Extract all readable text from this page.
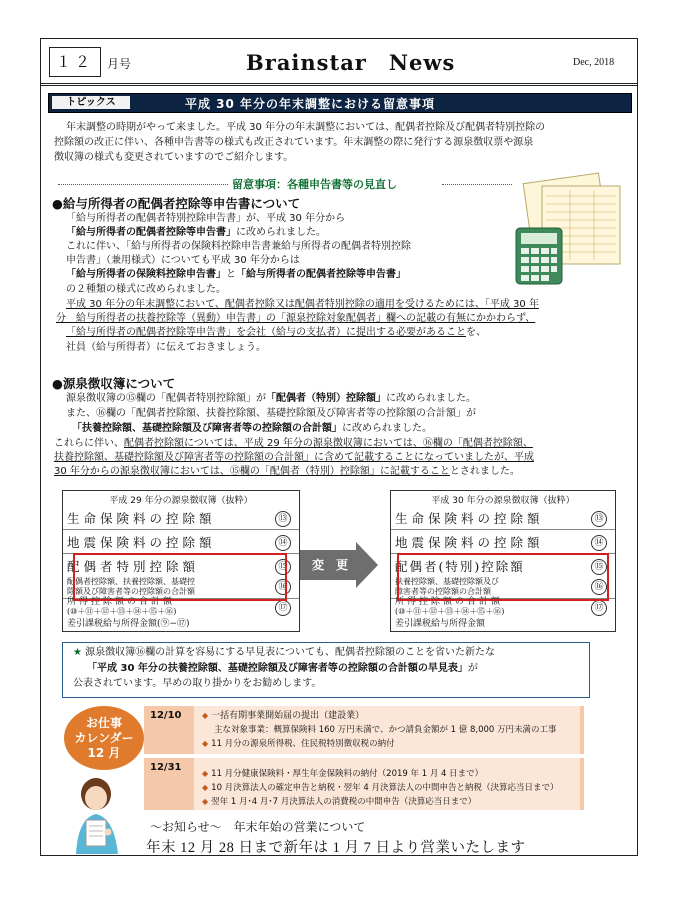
１２	月号	Brainstar　News	Dec, 2018
トピックス	平成 30 年分の年末調整における留意事項
年末調整の時期がやって来ました。平成 30 年分の年末調整においては、配偶者控除及び配偶者特別控除の
控除額の改正に伴い、各種申告書等の様式も改正されています。年末調整の際に発行する源泉徴収票や源泉
徴収簿の様式も変更されていますのでご紹介します。
留意事項：各種申告書等の見直し
●給与所得者の配偶者控除等申告書について
「給与所得者の配偶者特別控除申告書」が、平成 30 年分から
「給与所得者の配偶者控除等申告書」に改められました。
これに伴い、「給与所得者の保険料控除申告書兼給与所得者の配偶者特別控除
申告書」（兼用様式）についても平成 30 年分からは
「給与所得者の保険料控除申告書」と「給与所得者の配偶者控除等申告書」
の２種類の様式に改められました。
平成 30 年分の年末調整において、配偶者控除又は配偶者特別控除の適用を受けるためには、「平成 30 年
分　給与所得者の扶養控除等（異動）申告書」の「源泉控除対象配偶者」欄への記載の有無にかかわらず、
「給与所得者の配偶者控除等申告書」を会社（給与の支払者）に提出する必要があることを、
社員（給与所得者）に伝えておきましょう。
●源泉徴収簿について
源泉徴収簿の⑮欄の「配偶者特別控除額」が「配偶者（特別）控除額」に改められました。
また、⑯欄の「配偶者控除額、扶養控除額、基礎控除額及び障害者等の控除額の合計額」が
「扶養控除額、基礎控除額及び障害者等の控除額の合計額」に改められました。
これらに伴い、配偶者控除額については、平成 29 年分の源泉徴収簿においては、⑯欄の「配偶者控除額、
扶養控除額、基礎控除額及び障害者等の控除額の合計額」に含めて記載することになっていましたが、平成
30 年分からの源泉徴収簿においては、⑮欄の「配偶者（特別）控除額」に記載することとされました。
平成 29 年分の源泉徴収簿（抜粋）
生命保険料の控除額	⑬
地震保険料の控除額	⑭
配偶者特別控除額	⑮
配偶者控除額、扶養控除額、基礎控
除額及び障害者等の控除額の合計額	⑯
所得控除額の合計額
(⑩＋⑪＋⑫＋⑬＋⑭＋⑮＋⑯)	⑰
差引課税給与所得金額(⑨−⑰)
変　更
平成 30 年分の源泉徴収簿（抜粋）
生命保険料の控除額	⑬
地震保険料の控除額	⑭
配偶者(特別)控除額	⑮
扶養控除額、基礎控除額及び
障害者等の控除額の合計額	⑯
所得控除額の合計額
(⑩＋⑪＋⑫＋⑬＋⑭＋⑮＋⑯)	⑰
差引課税給与所得金額
★ 源泉徴収簿⑯欄の計算を容易にする早見表についても、配偶者控除額のことを省いた新たな
「平成 30 年分の扶養控除額、基礎控除額及び障害者等の控除額の合計額の早見表」が
公表されています。早めの取り掛かりをお勧めします。
お仕事
カレンダー
12 月
12/10	◆ 一括有期事業開始届の提出（建設業）
主な対象事業：概算保険料 160 万円未満で、かつ請負金額が 1 億 8,000 万円未満の工事
◆ 11 月分の源泉所得税、住民税特別徴収税の納付
12/31
◆ 11 月分健康保険料・厚生年金保険料の納付（2019 年 1 月 4 日まで）
◆ 10 月決算法人の確定申告と納税・翌年 4 月決算法人の中間申告と納税（決算応当日まで）
◆ 翌年 1 月･4 月･7 月決算法人の消費税の中間申告（決算応当日まで）
〜お知らせ〜　年末年始の営業について
年末 12 月 28 日まで新年は 1 月 7 日より営業いたします
